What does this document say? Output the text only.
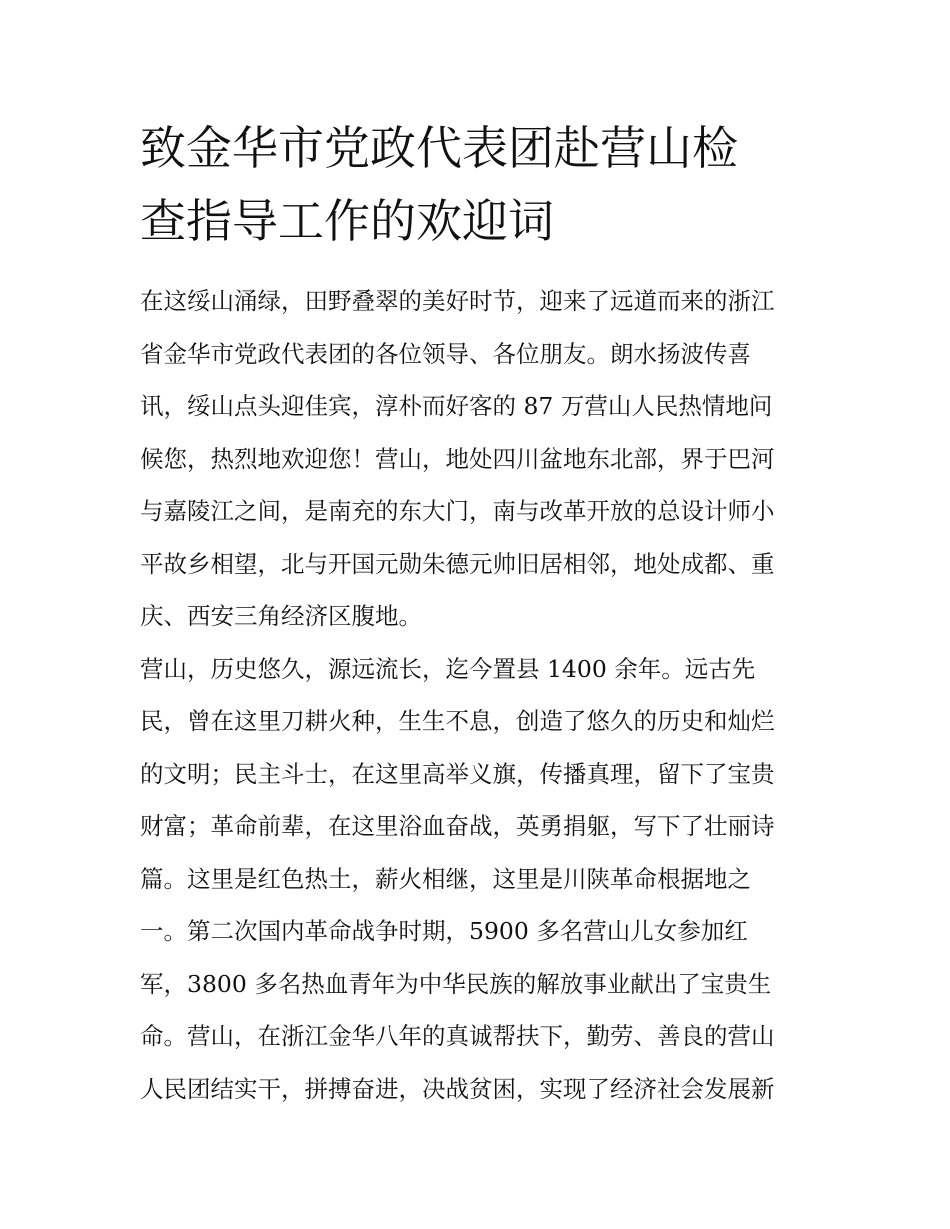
致金华市党政代表团赴营山检
查指导工作的欢迎词
在这绥山涌绿，田野叠翠的美好时节，迎来了远道而来的浙江
省金华市党政代表团的各位领导、各位朋友。朗水扬波传喜
讯，绥山点头迎佳宾，淳朴而好客的 87 万营山人民热情地问
候您，热烈地欢迎您！营山，地处四川盆地东北部，界于巴河
与嘉陵江之间，是南充的东大门，南与改革开放的总设计师小
平故乡相望，北与开国元勋朱德元帅旧居相邻，地处成都、重
庆、西安三角经济区腹地。
营山，历史悠久，源远流长，迄今置县 1400 余年。远古先
民，曾在这里刀耕火种，生生不息，创造了悠久的历史和灿烂
的文明；民主斗士，在这里高举义旗，传播真理，留下了宝贵
财富；革命前辈，在这里浴血奋战，英勇捐躯，写下了壮丽诗
篇。这里是红色热土，薪火相继，这里是川陕革命根据地之
一。第二次国内革命战争时期，5900 多名营山儿女参加红
军，3800 多名热血青年为中华民族的解放事业献出了宝贵生
命。营山，在浙江金华八年的真诚帮扶下，勤劳、善良的营山
人民团结实干，拼搏奋进，决战贫困，实现了经济社会发展新
